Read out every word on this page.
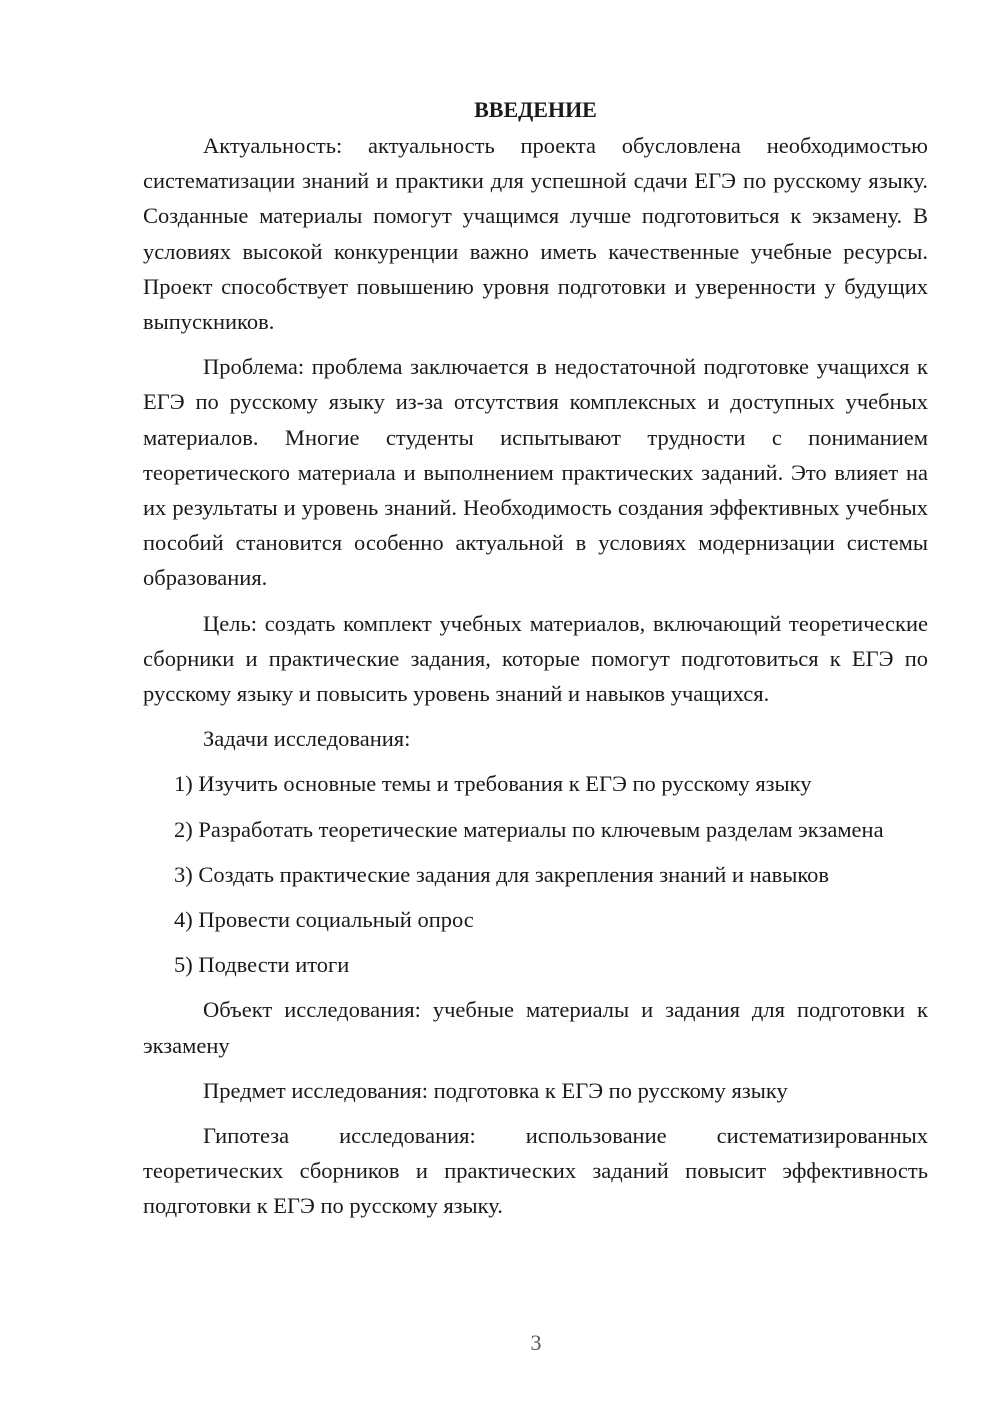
ВВЕДЕНИЕ

Актуальность: актуальность проекта обусловлена необходимостью систематизации знаний и практики для успешной сдачи ЕГЭ по русскому языку. Созданные материалы помогут учащимся лучше подготовиться к экзамену. В условиях высокой конкуренции важно иметь качественные учебные ресурсы. Проект способствует повышению уровня подготовки и уверенности у будущих выпускников.

Проблема: проблема заключается в недостаточной подготовке учащихся к ЕГЭ по русскому языку из-за отсутствия комплексных и доступных учебных материалов. Многие студенты испытывают трудности с пониманием теоретического материала и выполнением практических заданий. Это влияет на их результаты и уровень знаний. Необходимость создания эффективных учебных пособий становится особенно актуальной в условиях модернизации системы образования.

Цель: создать комплект учебных материалов, включающий теоретические сборники и практические задания, которые помогут подготовиться к ЕГЭ по русскому языку и повысить уровень знаний и навыков учащихся.

Задачи исследования:

1) Изучить основные темы и требования к ЕГЭ по русскому языку

2) Разработать теоретические материалы по ключевым разделам экзамена

3) Создать практические задания для закрепления знаний и навыков

4) Провести социальный опрос

5) Подвести итоги

Объект исследования: учебные материалы и задания для подготовки к экзамену

Предмет исследования: подготовка к ЕГЭ по русскому языку

Гипотеза исследования: использование систематизированных теоретических сборников и практических заданий повысит эффективность подготовки к ЕГЭ по русскому языку.

3
